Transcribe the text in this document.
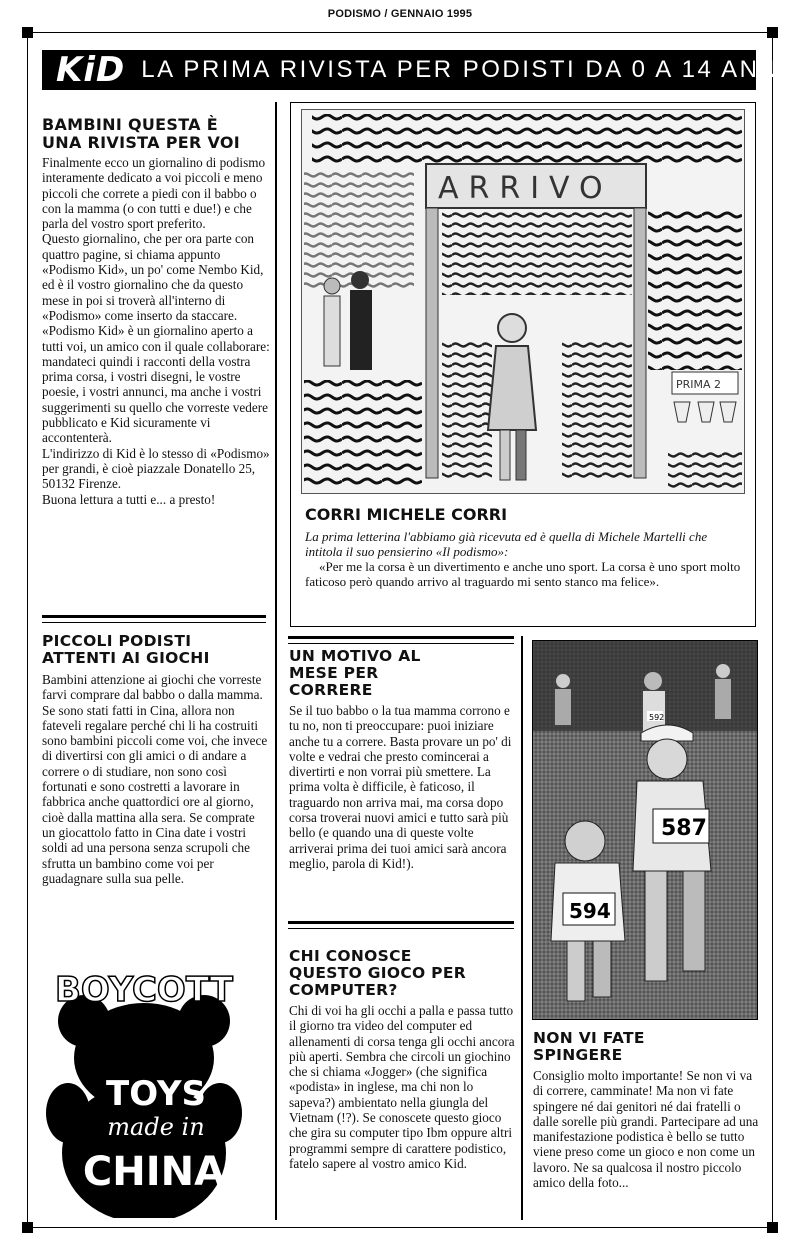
PODISMO / GENNAIO 1995
KiD LA PRIMA RIVISTA PER PODISTI DA 0 A 14 ANNI
BAMBINI QUESTA È UNA RIVISTA PER VOI

Finalmente ecco un giornalino di podismo interamente dedicato a voi piccoli e meno piccoli che correte a piedi con il babbo o con la mamma (o con tutti e due!) e che parla del vostro sport preferito.

Questo giornalino, che per ora parte con quattro pagine, si chiama appunto «Podismo Kid», un po' come Nembo Kid, ed è il vostro giornalino che da questo mese in poi si troverà all'interno di «Podismo» come inserto da staccare.

«Podismo Kid» è un giornalino aperto a tutti voi, un amico con il quale collaborare: mandateci quindi i racconti della vostra prima corsa, i vostri disegni, le vostre poesie, i vostri annunci, ma anche i vostri suggerimenti su quello che vorreste vedere pubblicato e Kid sicuramente vi accontenterà.

L'indirizzo di Kid è lo stesso di «Podismo» per grandi, è cioè piazzale Donatello 25, 50132 Firenze.

Buona lettura a tutti e... a presto!

ARRIVO
PRIMA 2
CORRI MICHELE CORRI
La prima letterina l'abbiamo già ricevuta ed è quella di Michele Martelli che intitola il suo pensierino «Il podismo»:
«Per me la corsa è un divertimento e anche uno sport. La corsa è uno sport molto faticoso però quando arrivo al traguardo mi sento stanco ma felice».
PICCOLI PODISTI ATTENTI AI GIOCHI
Bambini attenzione ai giochi che vorreste farvi comprare dal babbo o dalla mamma. Se sono stati fatti in Cina, allora non fateveli regalare perché chi li ha costruiti sono bambini piccoli come voi, che invece di divertirsi con gli amici o di andare a correre o di studiare, non sono così fortunati e sono costretti a lavorare in fabbrica anche quattordici ore al giorno, cioè dalla mattina alla sera. Se comprate un giocattolo fatto in Cina date i vostri soldi ad una persona senza scrupoli che sfrutta un bambino come voi per guadagnare sulla sua pelle.
BOYCOTT
TOYS
made in
CHINA
UN MOTIVO AL MESE PER CORRERE
Se il tuo babbo o la tua mamma corrono e tu no, non ti preoccupare: puoi iniziare anche tu a correre. Basta provare un po' di volte e vedrai che presto comincerai a divertirti e non vorrai più smettere. La prima volta è difficile, è faticoso, il traguardo non arriva mai, ma corsa dopo corsa troverai nuovi amici e tutto sarà più bello (e quando una di queste volte arriverai prima dei tuoi amici sarà ancora meglio, parola di Kid!).
CHI CONOSCE QUESTO GIOCO PER COMPUTER?
Chi di voi ha gli occhi a palla e passa tutto il giorno tra video del computer ed allenamenti di corsa tenga gli occhi ancora più aperti. Sembra che circoli un giochino che si chiama «Jogger» (che significa «podista» in inglese, ma chi non lo sapeva?) ambientato nella giungla del Vietnam (!?). Se conoscete questo gioco che gira su computer tipo Ibm oppure altri programmi sempre di carattere podistico, fatelo sapere al vostro amico Kid.
592
587
594
NON VI FATE SPINGERE
Consiglio molto importante! Se non vi va di correre, camminate! Ma non vi fate spingere né dai genitori né dai fratelli o dalle sorelle più grandi. Partecipare ad una manifestazione podistica è bello se tutto viene preso come un gioco e non come un lavoro. Ne sa qualcosa il nostro piccolo amico della foto...
